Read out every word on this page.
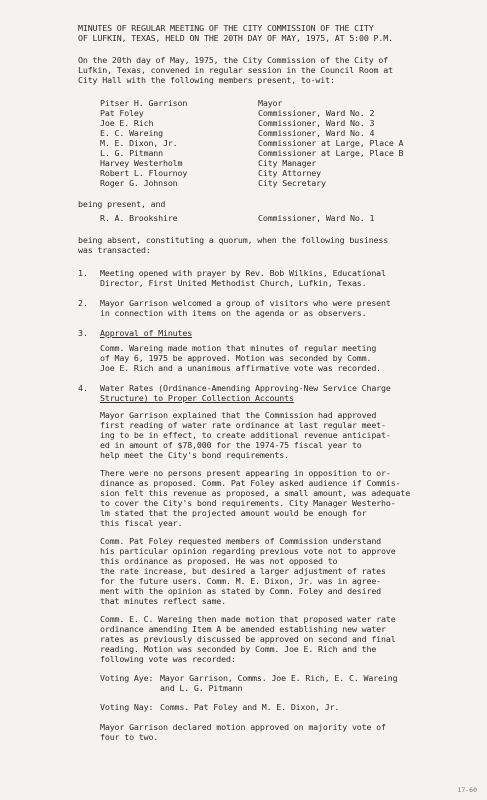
MINUTES OF REGULAR MEETING OF THE CITY COMMISSION OF THE CITY
OF LUFKIN, TEXAS, HELD ON THE 20TH DAY OF MAY, 1975, AT 5:00 P.M.
On the 20th day of May, 1975, the City Commission of the City of
Lufkin, Texas, convened in regular session in the Council Room at
City Hall with the following members present, to-wit:
Pitser H. Garrison	Mayor
Pat Foley	Commissioner, Ward No. 2
Joe E. Rich	Commissioner, Ward No. 3
E. C. Wareing	Commissioner, Ward No. 4
M. E. Dixon, Jr.	Commissioner at Large, Place A
L. G. Pitmann	Commissioner at Large, Place B
Harvey Westerholm	City Manager
Robert L. Flournoy	City Attorney
Roger G. Johnson	City Secretary
being present, and
R. A. Brookshire	Commissioner, Ward No. 1
being absent, constituting a quorum, when the following business
was transacted:
1. Meeting opened with prayer by Rev. Bob Wilkins, Educational
Director, First United Methodist Church, Lufkin, Texas.
2. Mayor Garrison welcomed a group of visitors who were present
in connection with items on the agenda or as observers.
3. Approval of Minutes
Comm. Wareing made motion that minutes of regular meeting
of May 6, 1975 be approved. Motion was seconded by Comm.
Joe E. Rich and a unanimous affirmative vote was recorded.
4. Water Rates (Ordinance-Amending Approving-New Service Charge
Structure) to Proper Collection Accounts
Mayor Garrison explained that the Commission had approved
first reading of water rate ordinance at last regular meet-
ing to be in effect, to create additional revenue anticipat-
ed in amount of $78,000 for the 1974-75 fiscal year to
help meet the City's bond requirements.
There were no persons present appearing in opposition to or-
dinance as proposed. Comm. Pat Foley asked audience if Commis-
sion felt this revenue as proposed, a small amount, was adequate
to cover the City's bond requirements. City Manager Westerho-
lm stated that the projected amount would be enough for
this fiscal year.
Comm. Pat Foley requested members of Commission understand
his particular opinion regarding previous vote not to approve
this ordinance as proposed. He was not opposed to
the rate increase, but desired a larger adjustment of rates
for the future users. Comm. M. E. Dixon, Jr. was in agree-
ment with the opinion as stated by Comm. Foley and desired
that minutes reflect same.
Comm. E. C. Wareing then made motion that proposed water rate
ordinance amending Item A be amended establishing new water
rates as previously discussed be approved on second and final
reading. Motion was seconded by Comm. Joe E. Rich and the
following vote was recorded:
Voting Aye: Mayor Garrison, Comms. Joe E. Rich, E. C. Wareing
and L. G. Pitmann
Voting Nay: Comms. Pat Foley and M. E. Dixon, Jr.
Mayor Garrison declared motion approved on majority vote of
four to two.
17-60
